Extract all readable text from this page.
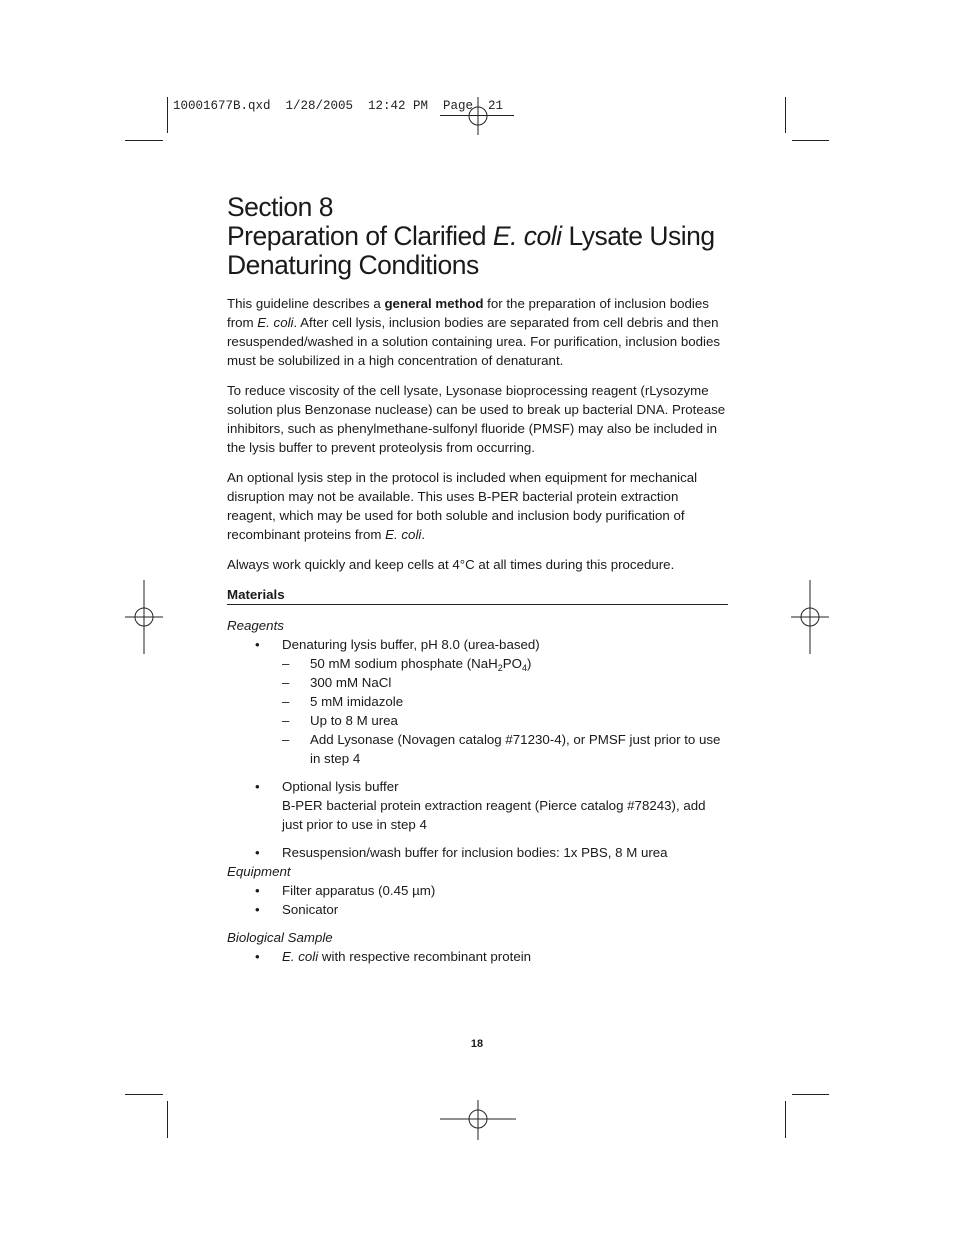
10001677B.qxd  1/28/2005  12:42 PM  Page  21
Section 8
Preparation of Clarified E. coli Lysate Using
Denaturing Conditions

This guideline describes a general method for the preparation of inclusion bodies from E. coli. After cell lysis, inclusion bodies are separated from cell debris and then resuspended/washed in a solution containing urea. For purification, inclusion bodies must be solubilized in a high concentration of denaturant.

To reduce viscosity of the cell lysate, Lysonase bioprocessing reagent (rLysozyme solution plus Benzonase nuclease) can be used to break up bacterial DNA. Protease inhibitors, such as phenylmethane-sulfonyl fluoride (PMSF) may also be included in the lysis buffer to prevent proteolysis from occurring.

An optional lysis step in the protocol is included when equipment for mechanical disruption may not be available. This uses B-PER bacterial protein extraction reagent, which may be used for both soluble and inclusion body purification of recombinant proteins from E. coli.

Always work quickly and keep cells at 4°C at all times during this procedure.

Materials
Reagents
• Denaturing lysis buffer, pH 8.0 (urea-based)
– 50 mM sodium phosphate $(NaH_2PO_4)$
– 300 mM NaCl
– 5 mM imidazole
– Up to 8 M urea
– Add Lysonase (Novagen catalog #71230-4), or PMSF just prior to use in step 4
• Optional lysis buffer
B-PER bacterial protein extraction reagent (Pierce catalog #78243), add just prior to use in step 4
• Resuspension/wash buffer for inclusion bodies: 1x PBS, 8 M urea
Equipment
• Filter apparatus (0.45 µm)
• Sonicator
Biological Sample
• E. coli with respective recombinant protein
18
